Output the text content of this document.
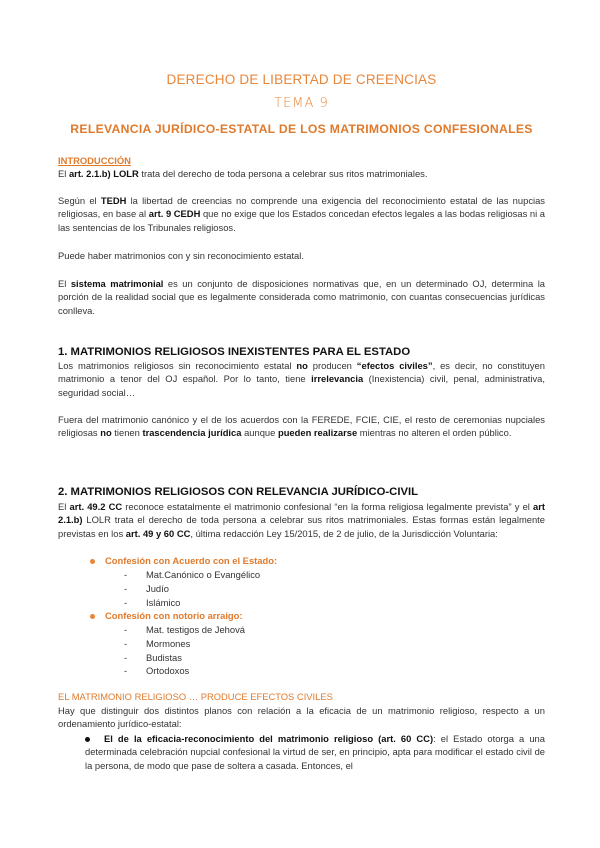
DERECHO DE LIBERTAD DE CREENCIAS
TEMA 9
RELEVANCIA JURÍDICO-ESTATAL DE LOS MATRIMONIOS CONFESIONALES
INTRODUCCIÓN
El art. 2.1.b) LOLR trata del derecho de toda persona a celebrar sus ritos matrimoniales.
Según el TEDH la libertad de creencias no comprende una exigencia del reconocimiento estatal de las nupcias religiosas, en base al art. 9 CEDH que no exige que los Estados concedan efectos legales a las bodas religiosas ni a las sentencias de los Tribunales religiosos.
Puede haber matrimonios con y sin reconocimiento estatal.
El sistema matrimonial es un conjunto de disposiciones normativas que, en un determinado OJ, determina la porción de la realidad social que es legalmente considerada como matrimonio, con cuantas consecuencias jurídicas conlleva.
1. MATRIMONIOS RELIGIOSOS INEXISTENTES PARA EL ESTADO
Los matrimonios religiosos sin reconocimiento estatal no producen “efectos civiles”, es decir, no constituyen matrimonio a tenor del OJ español. Por lo tanto, tiene irrelevancia (Inexistencia) civil, penal, administrativa, seguridad social…
Fuera del matrimonio canónico y el de los acuerdos con la FEREDE, FCIE, CIE, el resto de ceremonias nupciales religiosas no tienen trascendencia jurídica aunque pueden realizarse mientras no alteren el orden público.
2. MATRIMONIOS RELIGIOSOS CON RELEVANCIA JURÍDICO-CIVIL
El art. 49.2 CC reconoce estatalmente el matrimonio confesional “en la forma religiosa legalmente prevista” y el art 2.1.b) LOLR trata el derecho de toda persona a celebrar sus ritos matrimoniales. Estas formas están legalmente previstas en los art. 49 y 60 CC, última redacción Ley 15/2015, de 2 de julio, de la Jurisdicción Voluntaria:
Confesión con Acuerdo con el Estado:
- Mat.Canónico o Evangélico
- Judío
- Islámico
Confesión con notorio arraigo:
- Mat. testigos de Jehová
- Mormones
- Budistas
- Ortodoxos
EL MATRIMONIO RELIGIOSO … PRODUCE EFECTOS CIVILES
Hay que distinguir dos distintos planos con relación a la eficacia de un matrimonio religioso, respecto a un ordenamiento jurídico-estatal:
El de la eficacia-reconocimiento del matrimonio religioso (art. 60 CC): el Estado otorga a una determinada celebración nupcial confesional la virtud de ser, en principio, apta para modificar el estado civil de la persona, de modo que pase de soltera a casada. Entonces, el
